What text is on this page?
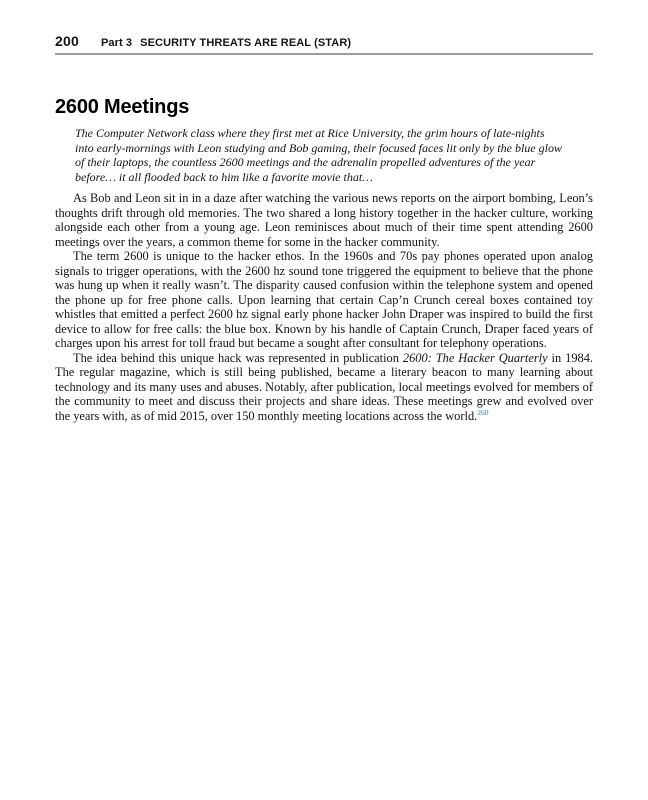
200 Part 3 SECURITY THREATS ARE REAL (STAR)
2600 Meetings
The Computer Network class where they first met at Rice University, the grim hours of late-nights into early-mornings with Leon studying and Bob gaming, their focused faces lit only by the blue glow of their laptops, the countless 2600 meetings and the adrenalin propelled adventures of the year before… it all flooded back to him like a favorite movie that…

As Bob and Leon sit in in a daze after watching the various news reports on the airport bombing, Leon’s thoughts drift through old memories. The two shared a long history together in the hacker culture, working alongside each other from a young age. Leon reminisces about much of their time spent attending 2600 meetings over the years, a common theme for some in the hacker community.

The term 2600 is unique to the hacker ethos. In the 1960s and 70s pay phones operated upon analog signals to trigger operations, with the 2600 hz sound tone triggered the equipment to believe that the phone was hung up when it really wasn’t. The disparity caused confusion within the telephone system and opened the phone up for free phone calls. Upon learning that certain Cap’n Crunch cereal boxes contained toy whistles that emitted a perfect 2600 hz signal early phone hacker John Draper was inspired to build the first device to allow for free calls: the blue box. Known by his handle of Captain Crunch, Draper faced years of charges upon his arrest for toll fraud but became a sought after consultant for telephony operations.

The idea behind this unique hack was represented in publication 2600: The Hacker Quarterly in 1984. The regular magazine, which is still being published, became a literary beacon to many learning about technology and its many uses and abuses. Notably, after publication, local meetings evolved for members of the community to meet and discuss their projects and share ideas. These meetings grew and evolved over the years with, as of mid 2015, over 150 monthly meeting locations across the world.$^{260}$
